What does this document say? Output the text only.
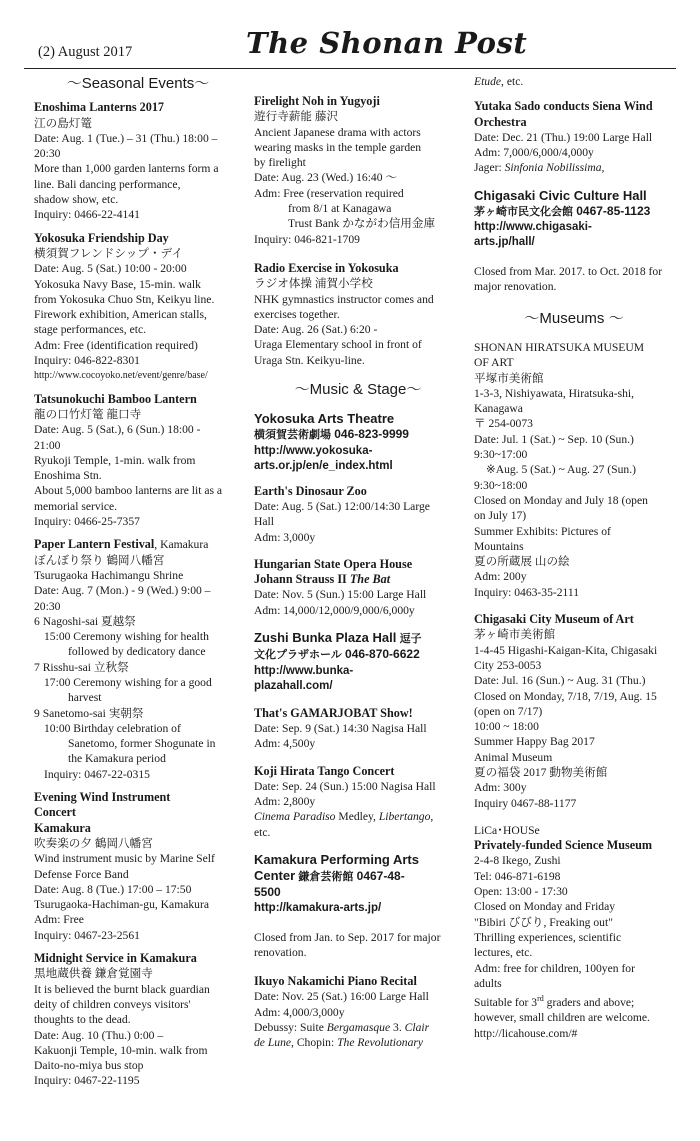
(2) August 2017	The Shonan Post
～Seasonal Events～
Enoshima Lanterns 2017
江の島灯篭
Date: Aug. 1 (Tue.) – 31 (Thu.) 18:00 –
20:30
More than 1,000 garden lanterns form a
line. Bali dancing performance,
shadow show, etc.
Inquiry: 0466-22-4141
Yokosuka Friendship Day
横須賀フレンドシップ・デイ
Date: Aug. 5 (Sat.) 10:00 - 20:00
Yokosuka Navy Base, 15-min. walk
from Yokosuka Chuo Stn, Keikyu line.
Firework exhibition, American stalls,
stage performances, etc.
Adm: Free (identification required)
Inquiry: 046-822-8301
http://www.cocoyoko.net/event/genre/base/
Tatsunokuchi Bamboo Lantern
龍の口竹灯篭 龍口寺
Date: Aug. 5 (Sat.), 6 (Sun.) 18:00 -
21:00
Ryukoji Temple, 1-min. walk from
Enoshima Stn.
About 5,000 bamboo lanterns are lit as a
memorial service.
Inquiry: 0466-25-7357
Paper Lantern Festival, Kamakura
ぼんぼり祭り 鶴岡八幡宮
Tsurugaoka Hachimangu Shrine
Date: Aug. 7 (Mon.) - 9 (Wed.) 9:00 –
20:30
6 Nagoshi-sai 夏越祭
15:00 Ceremony wishing for health
followed by dedicatory dance
7 Risshu-sai 立秋祭
17:00 Ceremony wishing for a good
harvest
9 Sanetomo-sai 実朝祭
10:00 Birthday celebration of
Sanetomo, former Shogunate in
the Kamakura period
Inquiry: 0467-22-0315
Evening Wind Instrument
Concert
Kamakura
吹奏楽の夕 鶴岡八幡宮
Wind instrument music by Marine Self
Defense Force Band
Date: Aug. 8 (Tue.) 17:00 – 17:50
Tsurugaoka-Hachiman-gu, Kamakura
Adm: Free
Inquiry: 0467-23-2561
Midnight Service in Kamakura
黒地蔵供養 鎌倉覚園寺
It is believed the burnt black guardian
deity of children conveys visitors'
thoughts to the dead.
Date: Aug. 10 (Thu.) 0:00 –
Kakuonji Temple, 10-min. walk from
Daito-no-miya bus stop
Inquiry: 0467-22-1195
Firelight Noh in Yugyoji
遊行寺薪能 藤沢
Ancient Japanese drama with actors
wearing masks in the temple garden
by firelight
Date: Aug. 23 (Wed.) 16:40 ～
Adm: Free (reservation required
from 8/1 at Kanagawa
Trust Bank かながわ信用金庫
Inquiry: 046-821-1709
Radio Exercise in Yokosuka
ラジオ体操 浦賀小学校
NHK gymnastics instructor comes and
exercises together.
Date: Aug. 26 (Sat.) 6:20 -
Uraga Elementary school in front of
Uraga Stn. Keikyu-line.
～Music & Stage～
Yokosuka Arts Theatre
横須賀芸術劇場 046-823-9999
http://www.yokosuka-
arts.or.jp/en/e_index.html
Earth's Dinosaur Zoo
Date: Aug. 5 (Sat.) 12:00/14:30 Large
Hall
Adm: 3,000y
Hungarian State Opera House
Johann Strauss II The Bat
Date: Nov. 5 (Sun.) 15:00 Large Hall
Adm: 14,000/12,000/9,000/6,000y
Zushi Bunka Plaza Hall 逗子
文化プラザホール 046-870-6622
http://www.bunka-
plazahall.com/
That's GAMARJOBAT Show!
Date: Sep. 9 (Sat.) 14:30 Nagisa Hall
Adm: 4,500y
Koji Hirata Tango Concert
Date: Sep. 24 (Sun.) 15:00 Nagisa Hall
Adm: 2,800y
Cinema Paradiso Medley, Libertango,
etc.
Kamakura Performing Arts
Center 鎌倉芸術館 0467-48-
5500
http://kamakura-arts.jp/
Closed from Jan. to Sep. 2017 for major
renovation.
Ikuyo Nakamichi Piano Recital
Date: Nov. 25 (Sat.) 16:00 Large Hall
Adm: 4,000/3,000y
Debussy: Suite Bergamasque 3. Clair
de Lune, Chopin: The Revolutionary
Etude, etc.
Yutaka Sado conducts Siena Wind
Orchestra
Date: Dec. 21 (Thu.) 19:00 Large Hall
Adm: 7,000/6,000/4,000y
Jager: Sinfonia Nobilissima,
Chigasaki Civic Culture Hall
茅ヶ崎市民文化会館 0467-85-1123
http://www.chigasaki-
arts.jp/hall/
Closed from Mar. 2017. to Oct. 2018 for
major renovation.
～Museums ～
SHONAN HIRATSUKA MUSEUM
OF ART
平塚市美術館
1-3-3, Nishiyawata, Hiratsuka-shi,
Kanagawa
〒 254-0073
Date: Jul. 1 (Sat.) ~ Sep. 10 (Sun.)
9:30~17:00
※Aug. 5 (Sat.) ~ Aug. 27 (Sun.)
9:30~18:00
Closed on Monday and July 18 (open
on July 17)
Summer Exhibits: Pictures of
Mountains
夏の所蔵展 山の絵
Adm: 200y
Inquiry: 0463-35-2111
Chigasaki City Museum of Art
茅ヶ崎市美術館
1-4-45 Higashi-Kaigan-Kita, Chigasaki
City 253-0053
Date: Jul. 16 (Sun.) ~ Aug. 31 (Thu.)
Closed on Monday, 7/18, 7/19, Aug. 15
(open on 7/17)
10:00 ~ 18:00
Summer Happy Bag 2017
Animal Museum
夏の福袋 2017 動物美術館
Adm: 300y
Inquiry 0467-88-1177
LiCa･HOUSe
Privately-funded Science Museum
2-4-8 Ikego, Zushi
Tel: 046-871-6198
Open: 13:00 - 17:30
Closed on Monday and Friday
"Bibiri びびり, Freaking out"
Thrilling experiences, scientific
lectures, etc.
Adm: free for children, 100yen for
adults
Suitable for 3rd graders and above;
however, small children are welcome.
http://licahouse.com/#
